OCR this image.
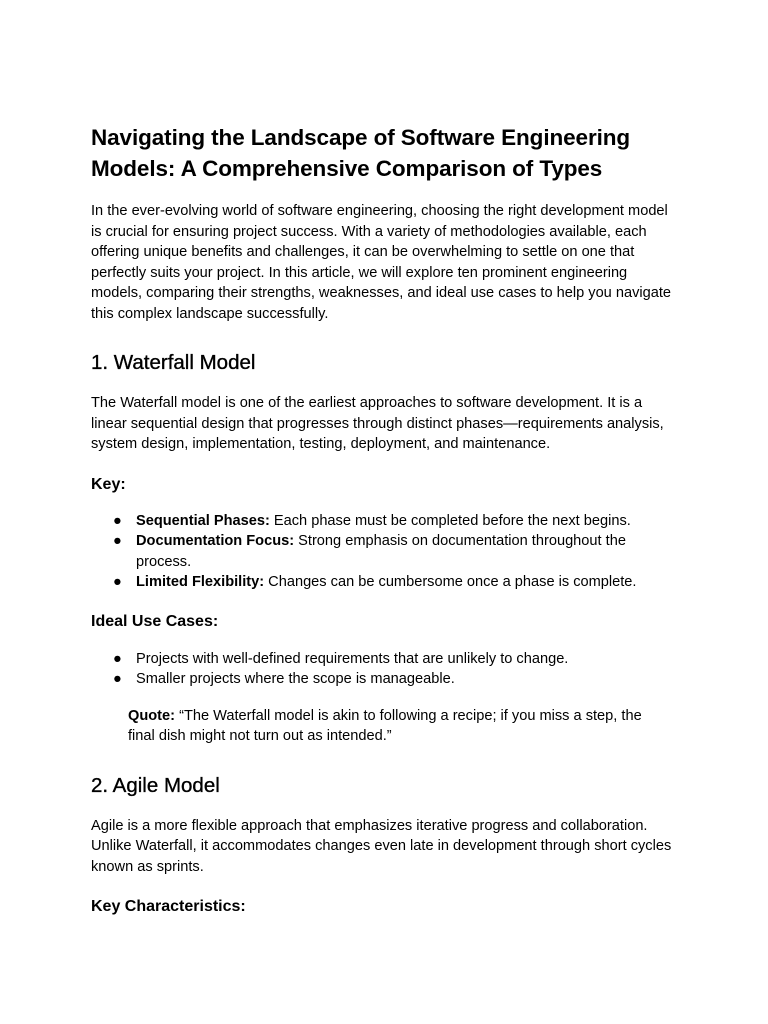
Navigating the Landscape of Software Engineering Models: A Comprehensive Comparison of Types

In the ever-evolving world of software engineering, choosing the right development model is crucial for ensuring project success. With a variety of methodologies available, each offering unique benefits and challenges, it can be overwhelming to settle on one that perfectly suits your project. In this article, we will explore ten prominent engineering models, comparing their strengths, weaknesses, and ideal use cases to help you navigate this complex landscape successfully.

1. Waterfall Model

The Waterfall model is one of the earliest approaches to software development. It is a linear sequential design that progresses through distinct phases—requirements analysis, system design, implementation, testing, deployment, and maintenance.

Key:
● Sequential Phases: Each phase must be completed before the next begins.
● Documentation Focus: Strong emphasis on documentation throughout the process.
● Limited Flexibility: Changes can be cumbersome once a phase is complete.
Ideal Use Cases:
● Projects with well-defined requirements that are unlikely to change.
● Smaller projects where the scope is manageable.

Quote: “The Waterfall model is akin to following a recipe; if you miss a step, the final dish might not turn out as intended.”

2. Agile Model

Agile is a more flexible approach that emphasizes iterative progress and collaboration. Unlike Waterfall, it accommodates changes even late in development through short cycles known as sprints.

Key Characteristics:
